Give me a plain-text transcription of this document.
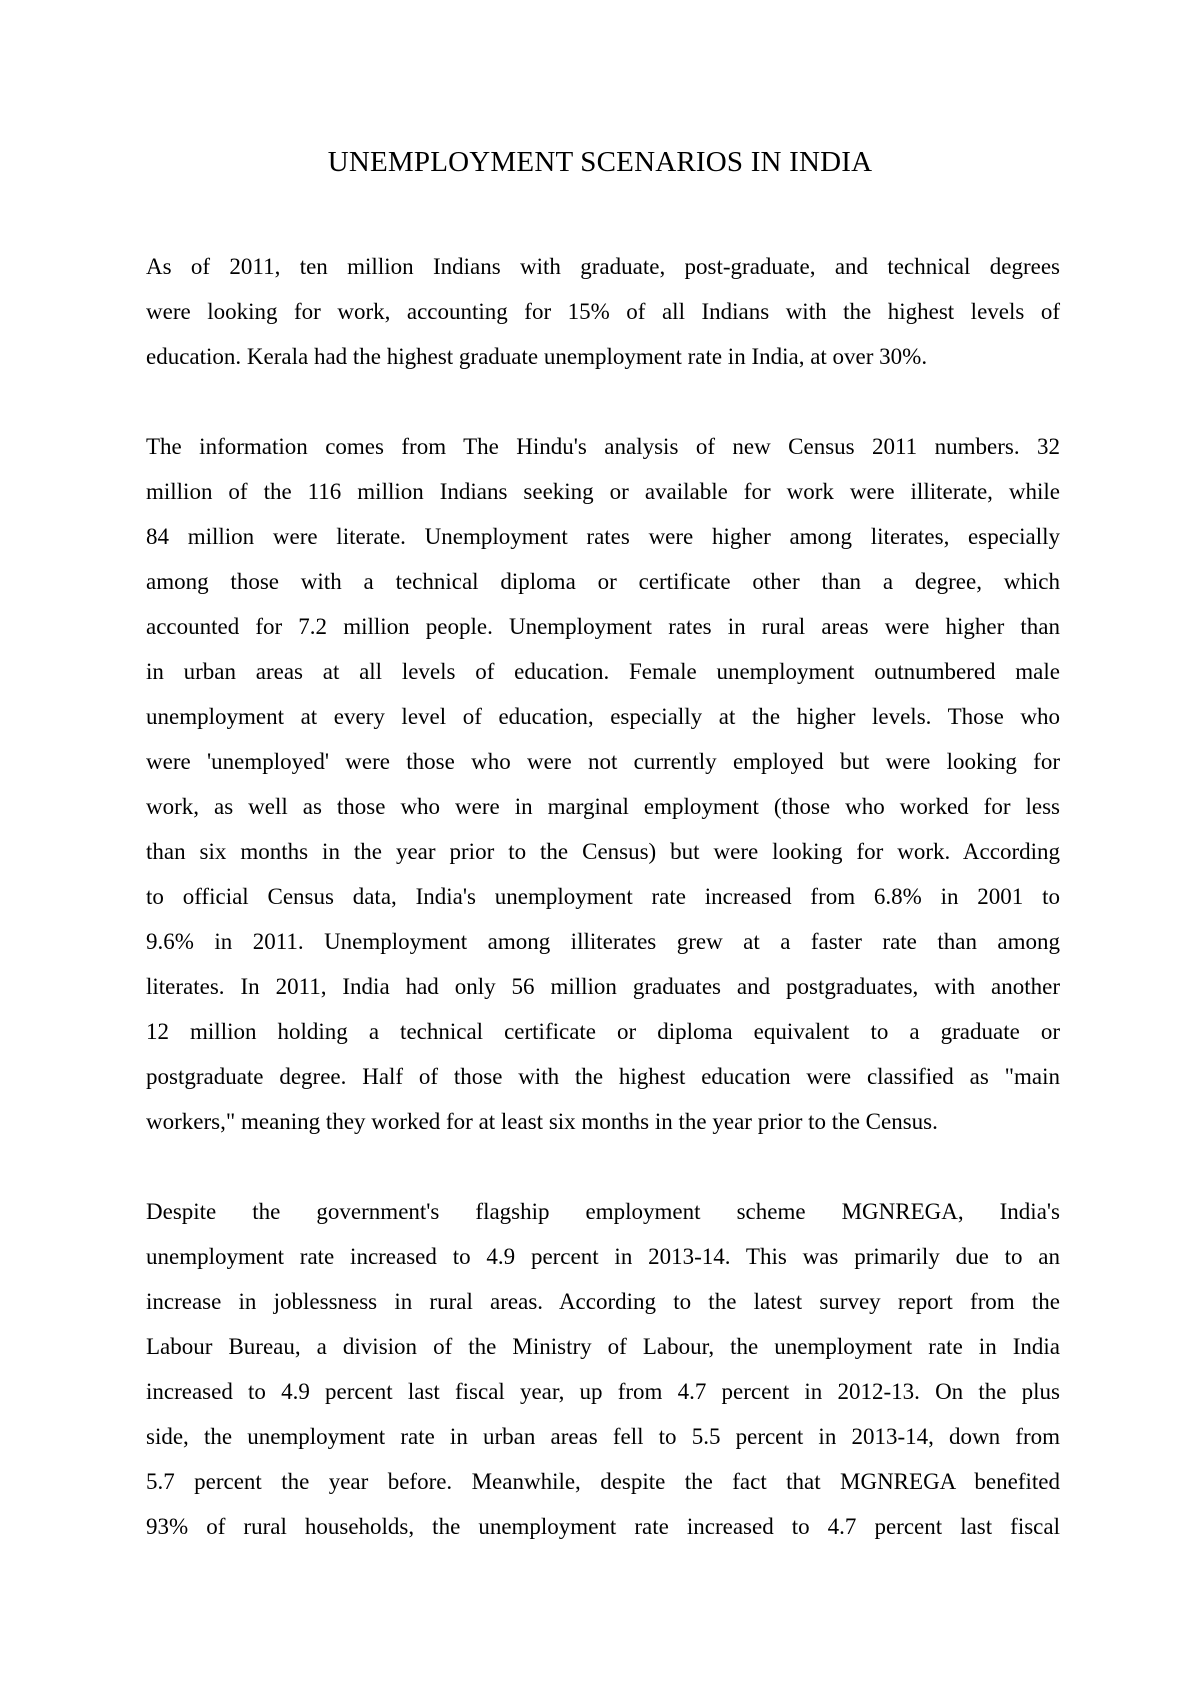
UNEMPLOYMENT SCENARIOS IN INDIA
As of 2011, ten million Indians with graduate, post-graduate, and technical degrees
were looking for work, accounting for 15% of all Indians with the highest levels of
education. Kerala had the highest graduate unemployment rate in India, at over 30%.
The information comes from The Hindu's analysis of new Census 2011 numbers. 32
million of the 116 million Indians seeking or available for work were illiterate, while
84 million were literate. Unemployment rates were higher among literates, especially
among those with a technical diploma or certificate other than a degree, which
accounted for 7.2 million people. Unemployment rates in rural areas were higher than
in urban areas at all levels of education. Female unemployment outnumbered male
unemployment at every level of education, especially at the higher levels. Those who
were 'unemployed' were those who were not currently employed but were looking for
work, as well as those who were in marginal employment (those who worked for less
than six months in the year prior to the Census) but were looking for work. According
to official Census data, India's unemployment rate increased from 6.8% in 2001 to
9.6% in 2011. Unemployment among illiterates grew at a faster rate than among
literates. In 2011, India had only 56 million graduates and postgraduates, with another
12 million holding a technical certificate or diploma equivalent to a graduate or
postgraduate degree. Half of those with the highest education were classified as "main
workers," meaning they worked for at least six months in the year prior to the Census.
Despite the government's flagship employment scheme MGNREGA, India's
unemployment rate increased to 4.9 percent in 2013-14. This was primarily due to an
increase in joblessness in rural areas. According to the latest survey report from the
Labour Bureau, a division of the Ministry of Labour, the unemployment rate in India
increased to 4.9 percent last fiscal year, up from 4.7 percent in 2012-13. On the plus
side, the unemployment rate in urban areas fell to 5.5 percent in 2013-14, down from
5.7 percent the year before. Meanwhile, despite the fact that MGNREGA benefited
93% of rural households, the unemployment rate increased to 4.7 percent last fiscal
